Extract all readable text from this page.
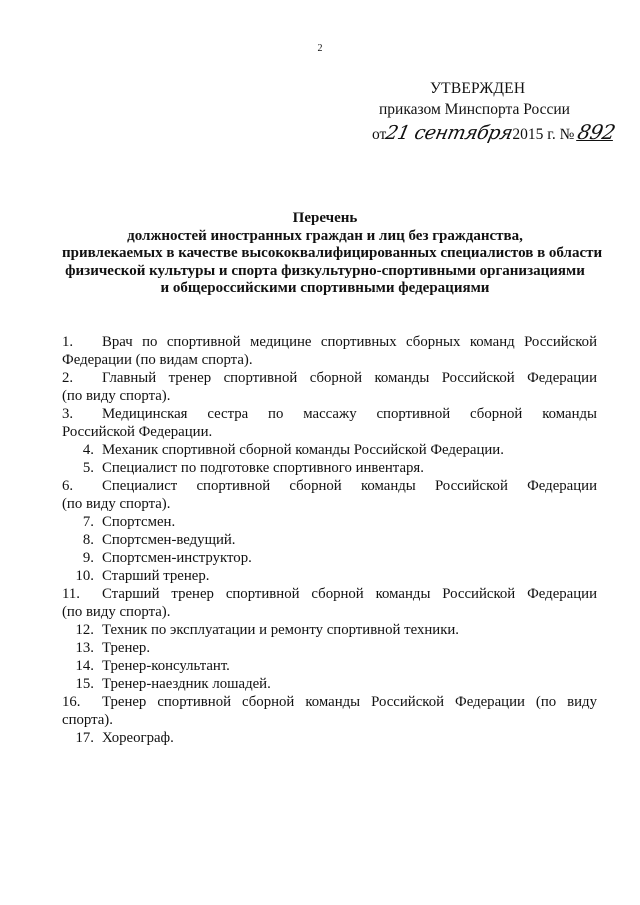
2
УТВЕРЖДЕН
приказом Минспорта России
от21 сентября2015 г. № 892
Перечень
должностей иностранных граждан и лиц без гражданства,
привлекаемых в качестве высококвалифицированных специалистов в области
физической культуры и спорта физкультурно-спортивными организациями
и общероссийскими спортивными федерациями
1. Врач по спортивной медицине спортивных сборных команд Российской
Федерации (по видам спорта).
2. Главный тренер спортивной сборной команды Российской Федерации
(по виду спорта).
3. Медицинская сестра по массажу спортивной сборной команды
Российской Федерации.
4. Механик спортивной сборной команды Российской Федерации.
5. Специалист по подготовке спортивного инвентаря.
6. Специалист спортивной сборной команды Российской Федерации
(по виду спорта).
7. Спортсмен.
8. Спортсмен-ведущий.
9. Спортсмен-инструктор.
10. Старший тренер.
11. Старший тренер спортивной сборной команды Российской Федерации
(по виду спорта).
12. Техник по эксплуатации и ремонту спортивной техники.
13. Тренер.
14. Тренер-консультант.
15. Тренер-наездник лошадей.
16. Тренер спортивной сборной команды Российской Федерации (по виду
спорта).
17. Хореограф.
